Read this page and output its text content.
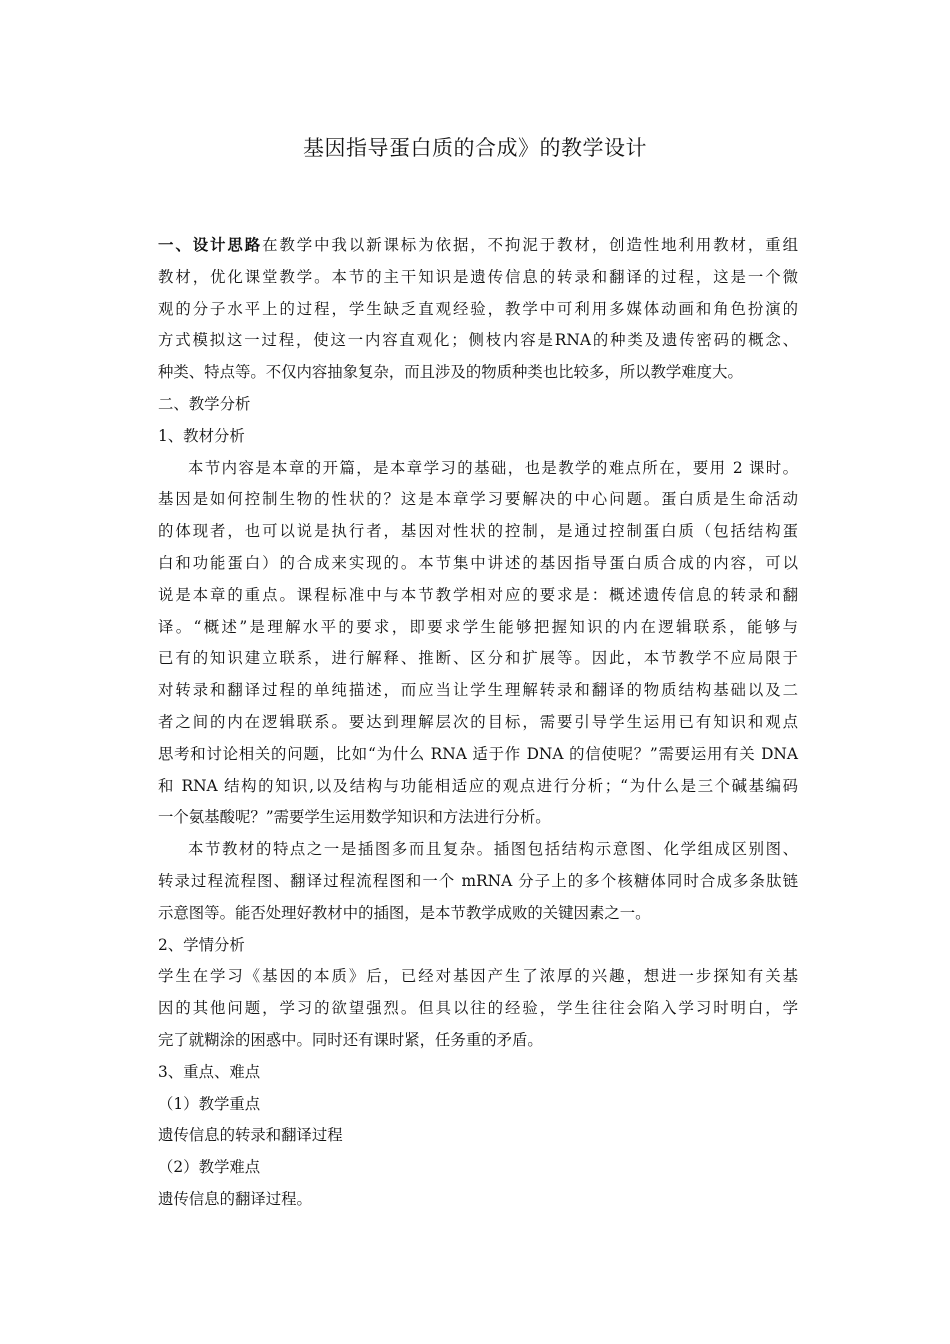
基因指导蛋白质的合成》的教学设计

一、设计思路在教学中我以新课标为依据，不拘泥于教材，创造性地利用教材，重组

教材，优化课堂教学。本节的主干知识是遗传信息的转录和翻译的过程，这是一个微

观的分子水平上的过程，学生缺乏直观经验，教学中可利用多媒体动画和角色扮演的

方式模拟这一过程，使这一内容直观化；侧枝内容是RNA的种类及遗传密码的概念、

种类、特点等。不仅内容抽象复杂，而且涉及的物质种类也比较多，所以教学难度大。

二、教学分析

1、教材分析

本节内容是本章的开篇，是本章学习的基础，也是教学的难点所在，要用 2 课时。

基因是如何控制生物的性状的？这是本章学习要解决的中心问题。蛋白质是生命活动

的体现者，也可以说是执行者，基因对性状的控制，是通过控制蛋白质（包括结构蛋

白和功能蛋白）的合成来实现的。本节集中讲述的基因指导蛋白质合成的内容，可以

说是本章的重点。课程标准中与本节教学相对应的要求是：概述遗传信息的转录和翻

译。“概述”是理解水平的要求，即要求学生能够把握知识的内在逻辑联系，能够与

已有的知识建立联系，进行解释、推断、区分和扩展等。因此，本节教学不应局限于

对转录和翻译过程的单纯描述，而应当让学生理解转录和翻译的物质结构基础以及二

者之间的内在逻辑联系。要达到理解层次的目标，需要引导学生运用已有知识和观点

思考和讨论相关的问题，比如“为什么 RNA 适于作 DNA 的信使呢？”需要运用有关 DNA

和 RNA 结构的知识,以及结构与功能相适应的观点进行分析；“为什么是三个碱基编码

一个氨基酸呢？”需要学生运用数学知识和方法进行分析。

本节教材的特点之一是插图多而且复杂。插图包括结构示意图、化学组成区别图、

转录过程流程图、翻译过程流程图和一个 mRNA 分子上的多个核糖体同时合成多条肽链

示意图等。能否处理好教材中的插图，是本节教学成败的关键因素之一。

2、学情分析

学生在学习《基因的本质》后，已经对基因产生了浓厚的兴趣，想进一步探知有关基

因的其他问题，学习的欲望强烈。但具以往的经验，学生往往会陷入学习时明白，学

完了就糊涂的困惑中。同时还有课时紧，任务重的矛盾。

3、重点、难点

（1）教学重点

遗传信息的转录和翻译过程

（2）教学难点

遗传信息的翻译过程。
